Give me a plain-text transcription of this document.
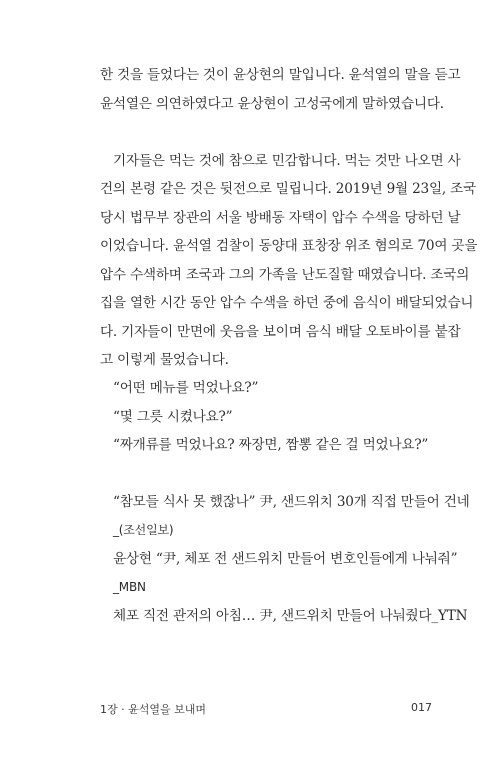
한 것을 들었다는 것이 윤상현의 말입니다. 윤석열의 말을 듣고
윤석열은 의연하였다고 윤상현이 고성국에게 말하였습니다.
기자들은 먹는 것에 참으로 민감합니다. 먹는 것만 나오면 사
건의 본령 같은 것은 뒷전으로 밀립니다. 2019년 9월 23일, 조국
당시 법무부 장관의 서울 방배동 자택이 압수 수색을 당하던 날
이었습니다. 윤석열 검찰이 동양대 표창장 위조 혐의로 70여 곳을
압수 수색하며 조국과 그의 가족을 난도질할 때였습니다. 조국의
집을 열한 시간 동안 압수 수색을 하던 중에 음식이 배달되었습니
다. 기자들이 만면에 웃음을 보이며 음식 배달 오토바이를 붙잡
고 이렇게 물었습니다.
“어떤 메뉴를 먹었나요?”
“몇 그릇 시켰나요?”
“짜개류를 먹었나요? 짜장면, 짬뽕 같은 걸 먹었나요?”
“참모들 식사 못 했잖나” 尹, 샌드위치 30개 직접 만들어 건네
_(조선일보)
윤상현 “尹, 체포 전 샌드위치 만들어 변호인들에게 나눠줘”
_MBN
체포 직전 관저의 아침… 尹, 샌드위치 만들어 나눠줬다_YTN
1장 · 윤석열을 보내며	017
